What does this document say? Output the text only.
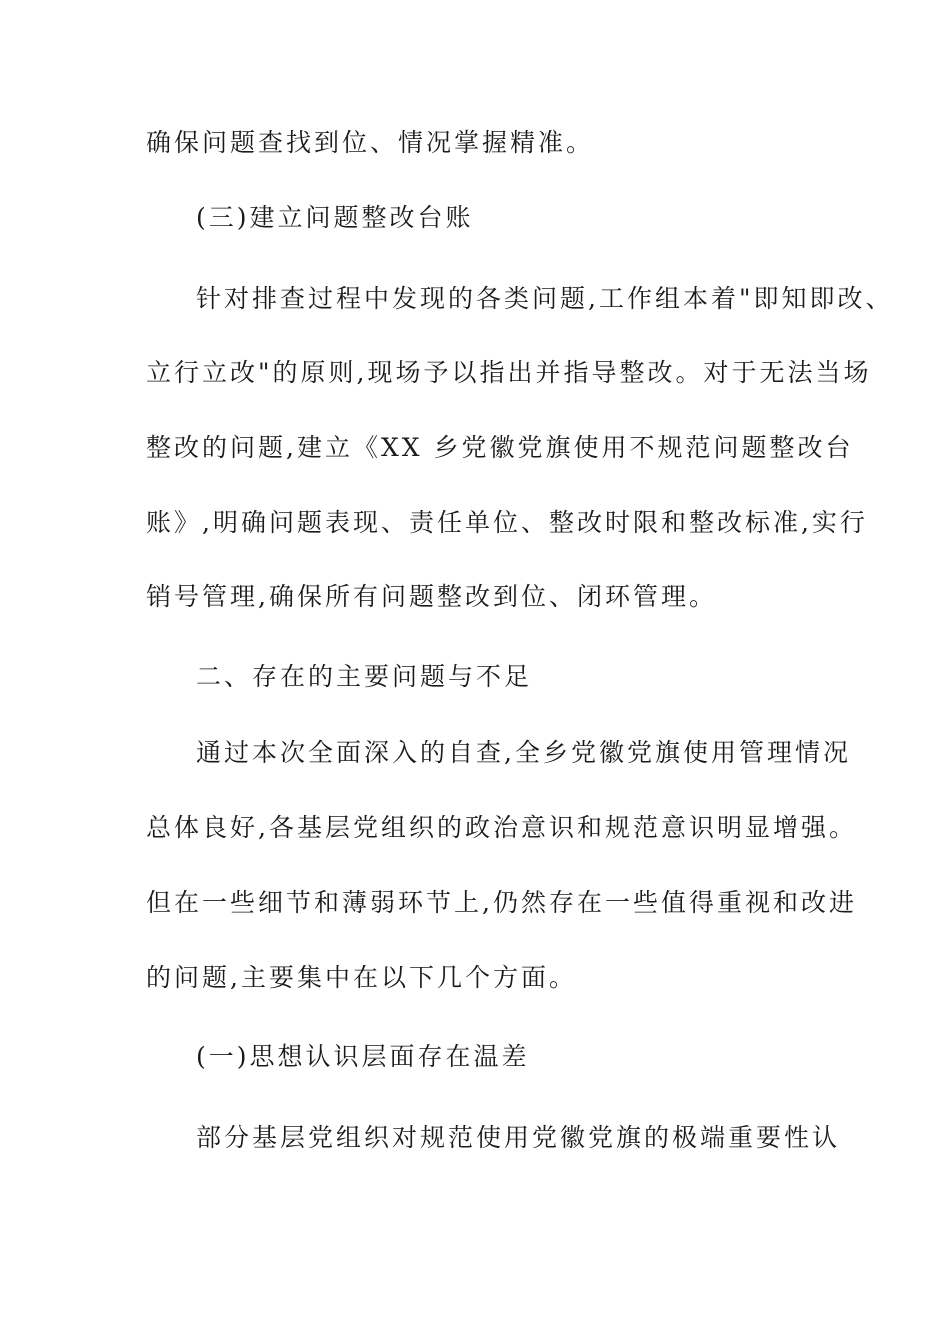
确保问题查找到位、情况掌握精准。
(三)建立问题整改台账
针对排查过程中发现的各类问题,工作组本着"即知即改、
立行立改"的原则,现场予以指出并指导整改。对于无法当场
整改的问题,建立《XX 乡党徽党旗使用不规范问题整改台
账》,明确问题表现、责任单位、整改时限和整改标准,实行
销号管理,确保所有问题整改到位、闭环管理。
二、存在的主要问题与不足
通过本次全面深入的自查,全乡党徽党旗使用管理情况
总体良好,各基层党组织的政治意识和规范意识明显增强。
但在一些细节和薄弱环节上,仍然存在一些值得重视和改进
的问题,主要集中在以下几个方面。
(一)思想认识层面存在温差
部分基层党组织对规范使用党徽党旗的极端重要性认
